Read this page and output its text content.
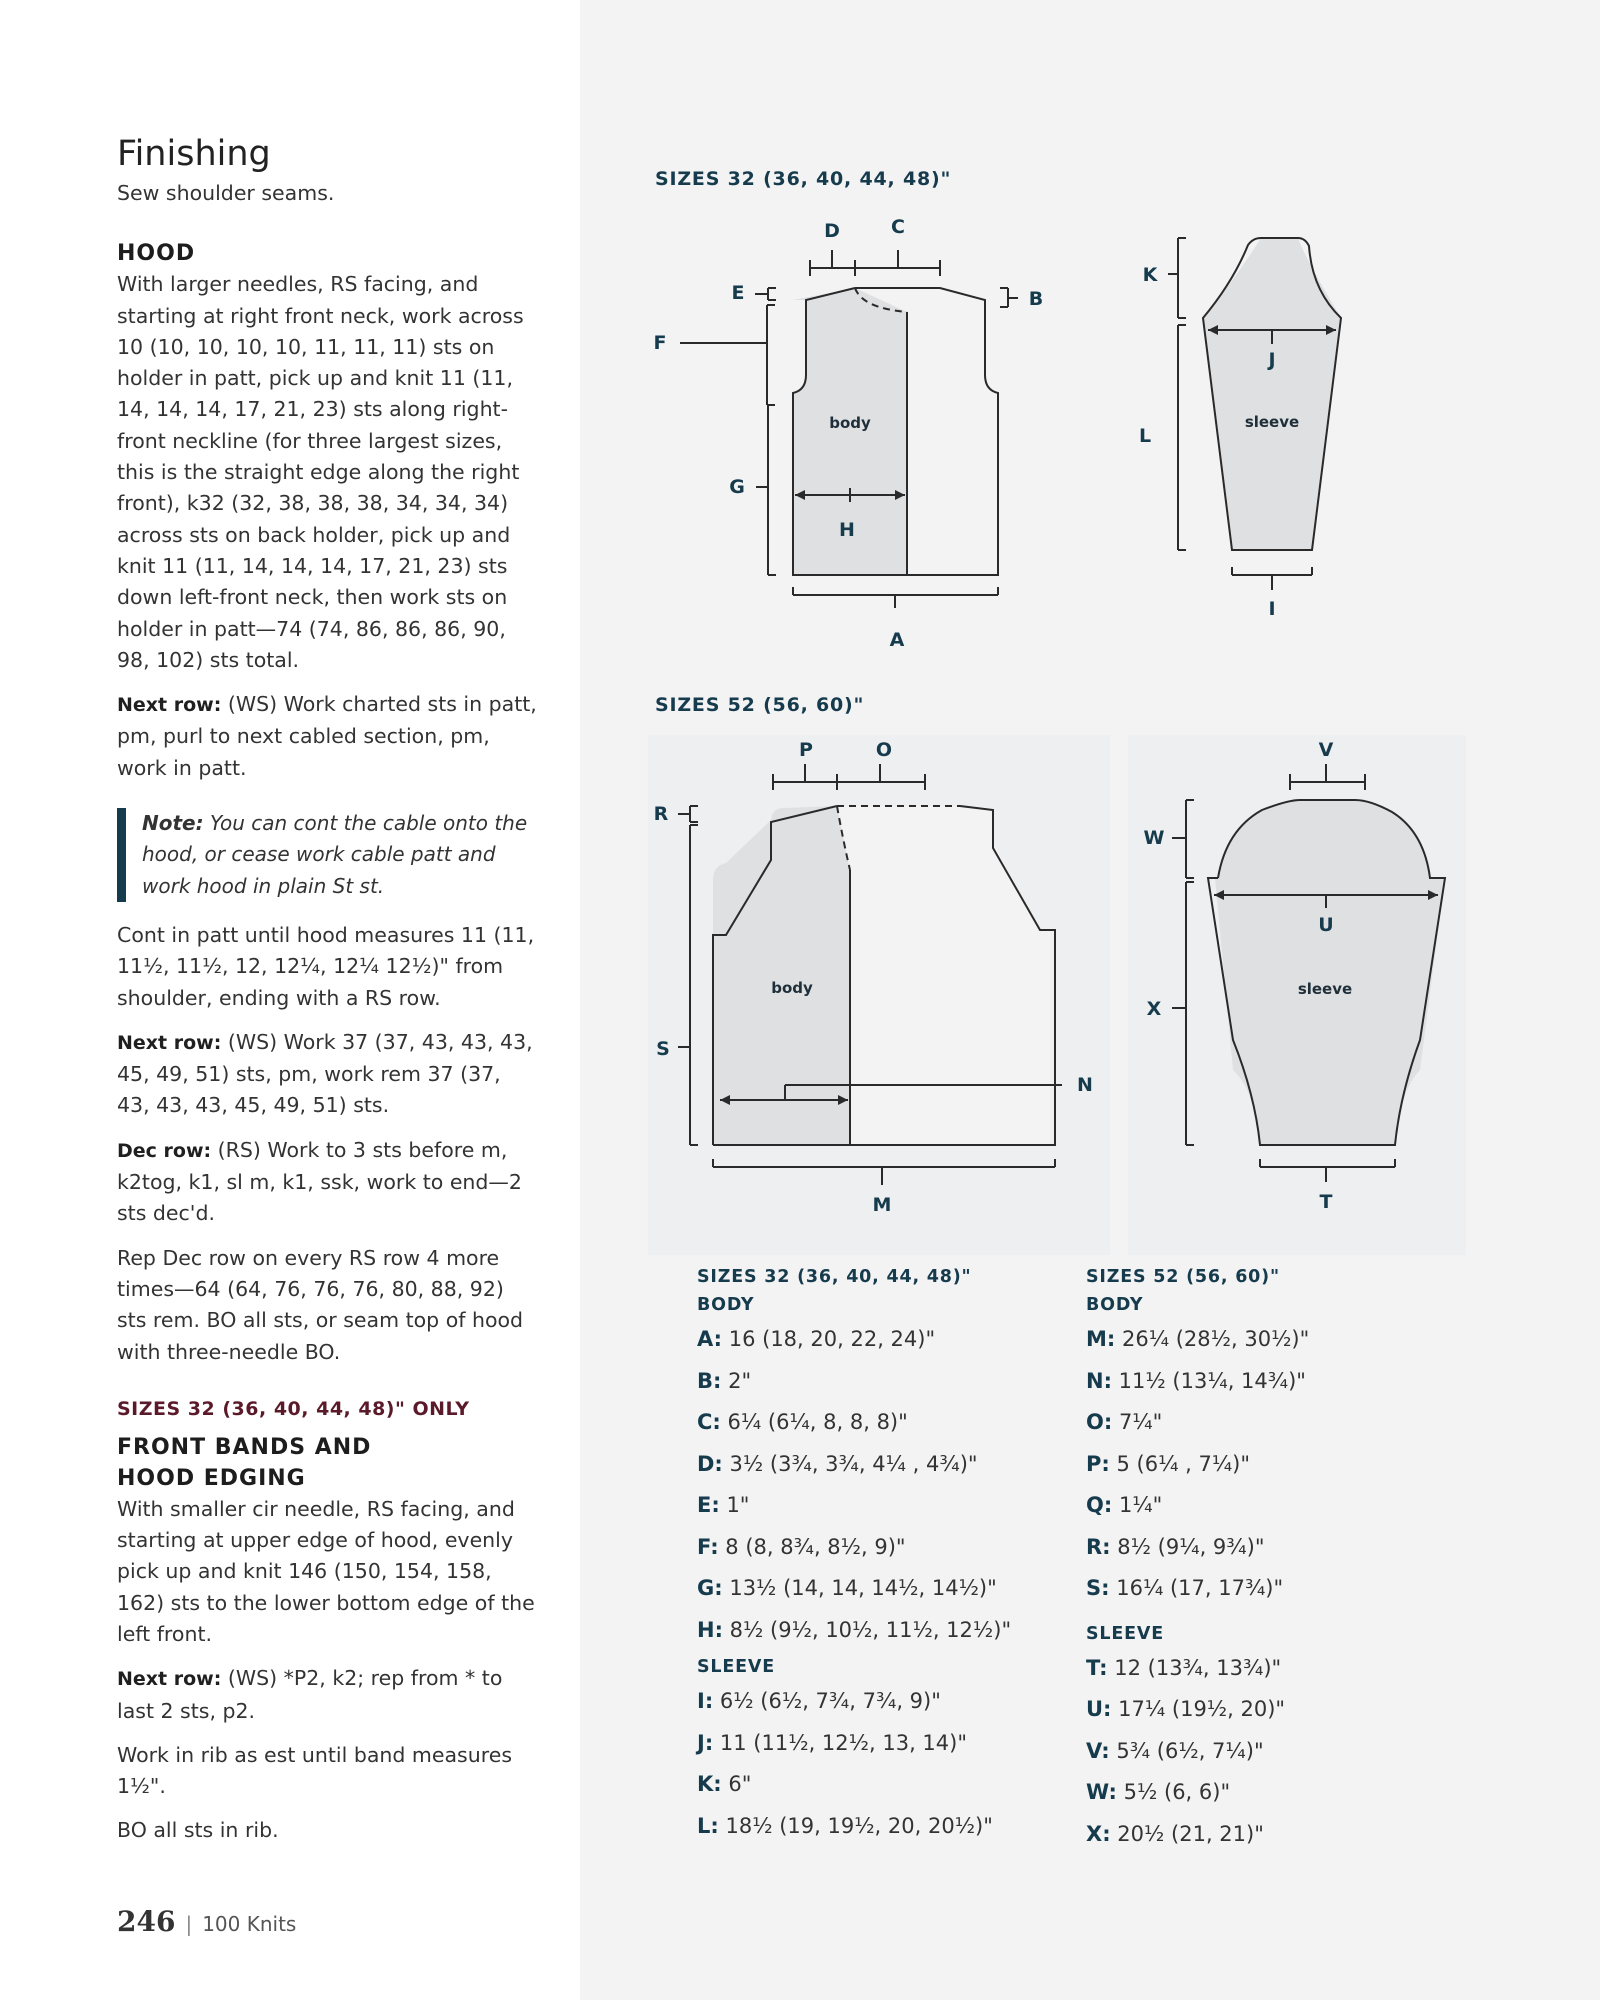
Finishing

Sew shoulder seams.

HOOD

With larger needles, RS facing, and starting at right front neck, work across 10 (10, 10, 10, 10, 11, 11, 11) sts on holder in patt, pick up and knit 11 (11, 14, 14, 14, 17, 21, 23) sts along right-front neckline (for three largest sizes, this is the straight edge along the right front), k32 (32, 38, 38, 38, 34, 34, 34) across sts on back holder, pick up and knit 11 (11, 14, 14, 14, 17, 21, 23) sts down left-front neck, then work sts on holder in patt—74 (74, 86, 86, 86, 90, 98, 102) sts total.

Next row: (WS) Work charted sts in patt, pm, purl to next cabled section, pm, work in patt.

Note: You can cont the cable onto the hood, or cease work cable patt and work hood in plain St st.

Cont in patt until hood measures 11 (11, 11½, 11½, 12, 12¼, 12¼ 12½)" from shoulder, ending with a RS row.

Next row: (WS) Work 37 (37, 43, 43, 43, 45, 49, 51) sts, pm, work rem 37 (37, 43, 43, 43, 45, 49, 51) sts.

Dec row: (RS) Work to 3 sts before m, k2tog, k1, sl m, k1, ssk, work to end—2 sts dec'd.

Rep Dec row on every RS row 4 more times—64 (64, 76, 76, 76, 80, 88, 92) sts rem. BO all sts, or seam top of hood with three-needle BO.

SIZES 32 (36, 40, 44, 48)" ONLY
FRONT BANDS AND
HOOD EDGING

With smaller cir needle, RS facing, and starting at upper edge of hood, evenly pick up and knit 146 (150, 154, 158, 162) sts to the lower bottom edge of the left front.

Next row: (WS) *P2, k2; rep from * to last 2 sts, p2.

Work in rib as est until band measures 1½".

BO all sts in rib.

246 | 100 Knits
SIZES 32 (36, 40, 44, 48)"
SIZES 52 (56, 60)"
D	C
E	B
F
G
H
A
body
K
J
L
I
sleeve
P	O
R
S
N
M
body
V
W
U
X
T
sleeve
SIZES 32 (36, 40, 44, 48)"
BODY
A: 16 (18, 20, 22, 24)"
B: 2"
C: 6¼ (6¼, 8, 8, 8)"
D: 3½ (3¾, 3¾, 4¼ , 4¾)"
E: 1"
F: 8 (8, 8¾, 8½, 9)"
G: 13½ (14, 14, 14½, 14½)"
H: 8½ (9½, 10½, 11½, 12½)"
SLEEVE
I: 6½ (6½, 7¾, 7¾, 9)"
J: 11 (11½, 12½, 13, 14)"
K: 6"
L: 18½ (19, 19½, 20, 20½)"
SIZES 52 (56, 60)"
BODY
M: 26¼ (28½, 30½)"
N: 11½ (13¼, 14¾)"
O: 7¼"
P: 5 (6¼ , 7¼)"
Q: 1¼"
R: 8½ (9¼, 9¾)"
S: 16¼ (17, 17¾)"
SLEEVE
T: 12 (13¾, 13¾)"
U: 17¼ (19½, 20)"
V: 5¾ (6½, 7¼)"
W: 5½ (6, 6)"
X: 20½ (21, 21)"
